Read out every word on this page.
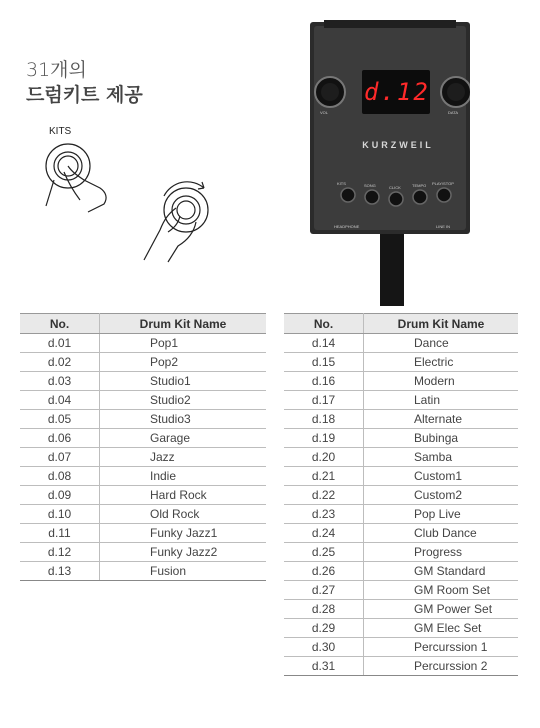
31개의
드럼키트 제공
KITS
d.12
KURZWEIL
KITS	SONG	CLICK	TEMPO PLAY/STOP
VOL	DATA
HEADPHONE	LINE IN
No.	Drum Kit Name
d.01	Pop1
d.02	Pop2
d.03	Studio1
d.04	Studio2
d.05	Studio3
d.06	Garage
d.07	Jazz
d.08	Indie
d.09	Hard Rock
d.10	Old Rock
d.11	Funky Jazz1
d.12	Funky Jazz2
d.13	Fusion
No.	Drum Kit Name
d.14	Dance
d.15	Electric
d.16	Modern
d.17	Latin
d.18	Alternate
d.19	Bubinga
d.20	Samba
d.21	Custom1
d.22	Custom2
d.23	Pop Live
d.24	Club Dance
d.25	Progress
d.26	GM Standard
d.27	GM Room Set
d.28	GM Power Set
d.29	GM Elec Set
d.30	Percurssion 1
d.31	Percurssion 2
